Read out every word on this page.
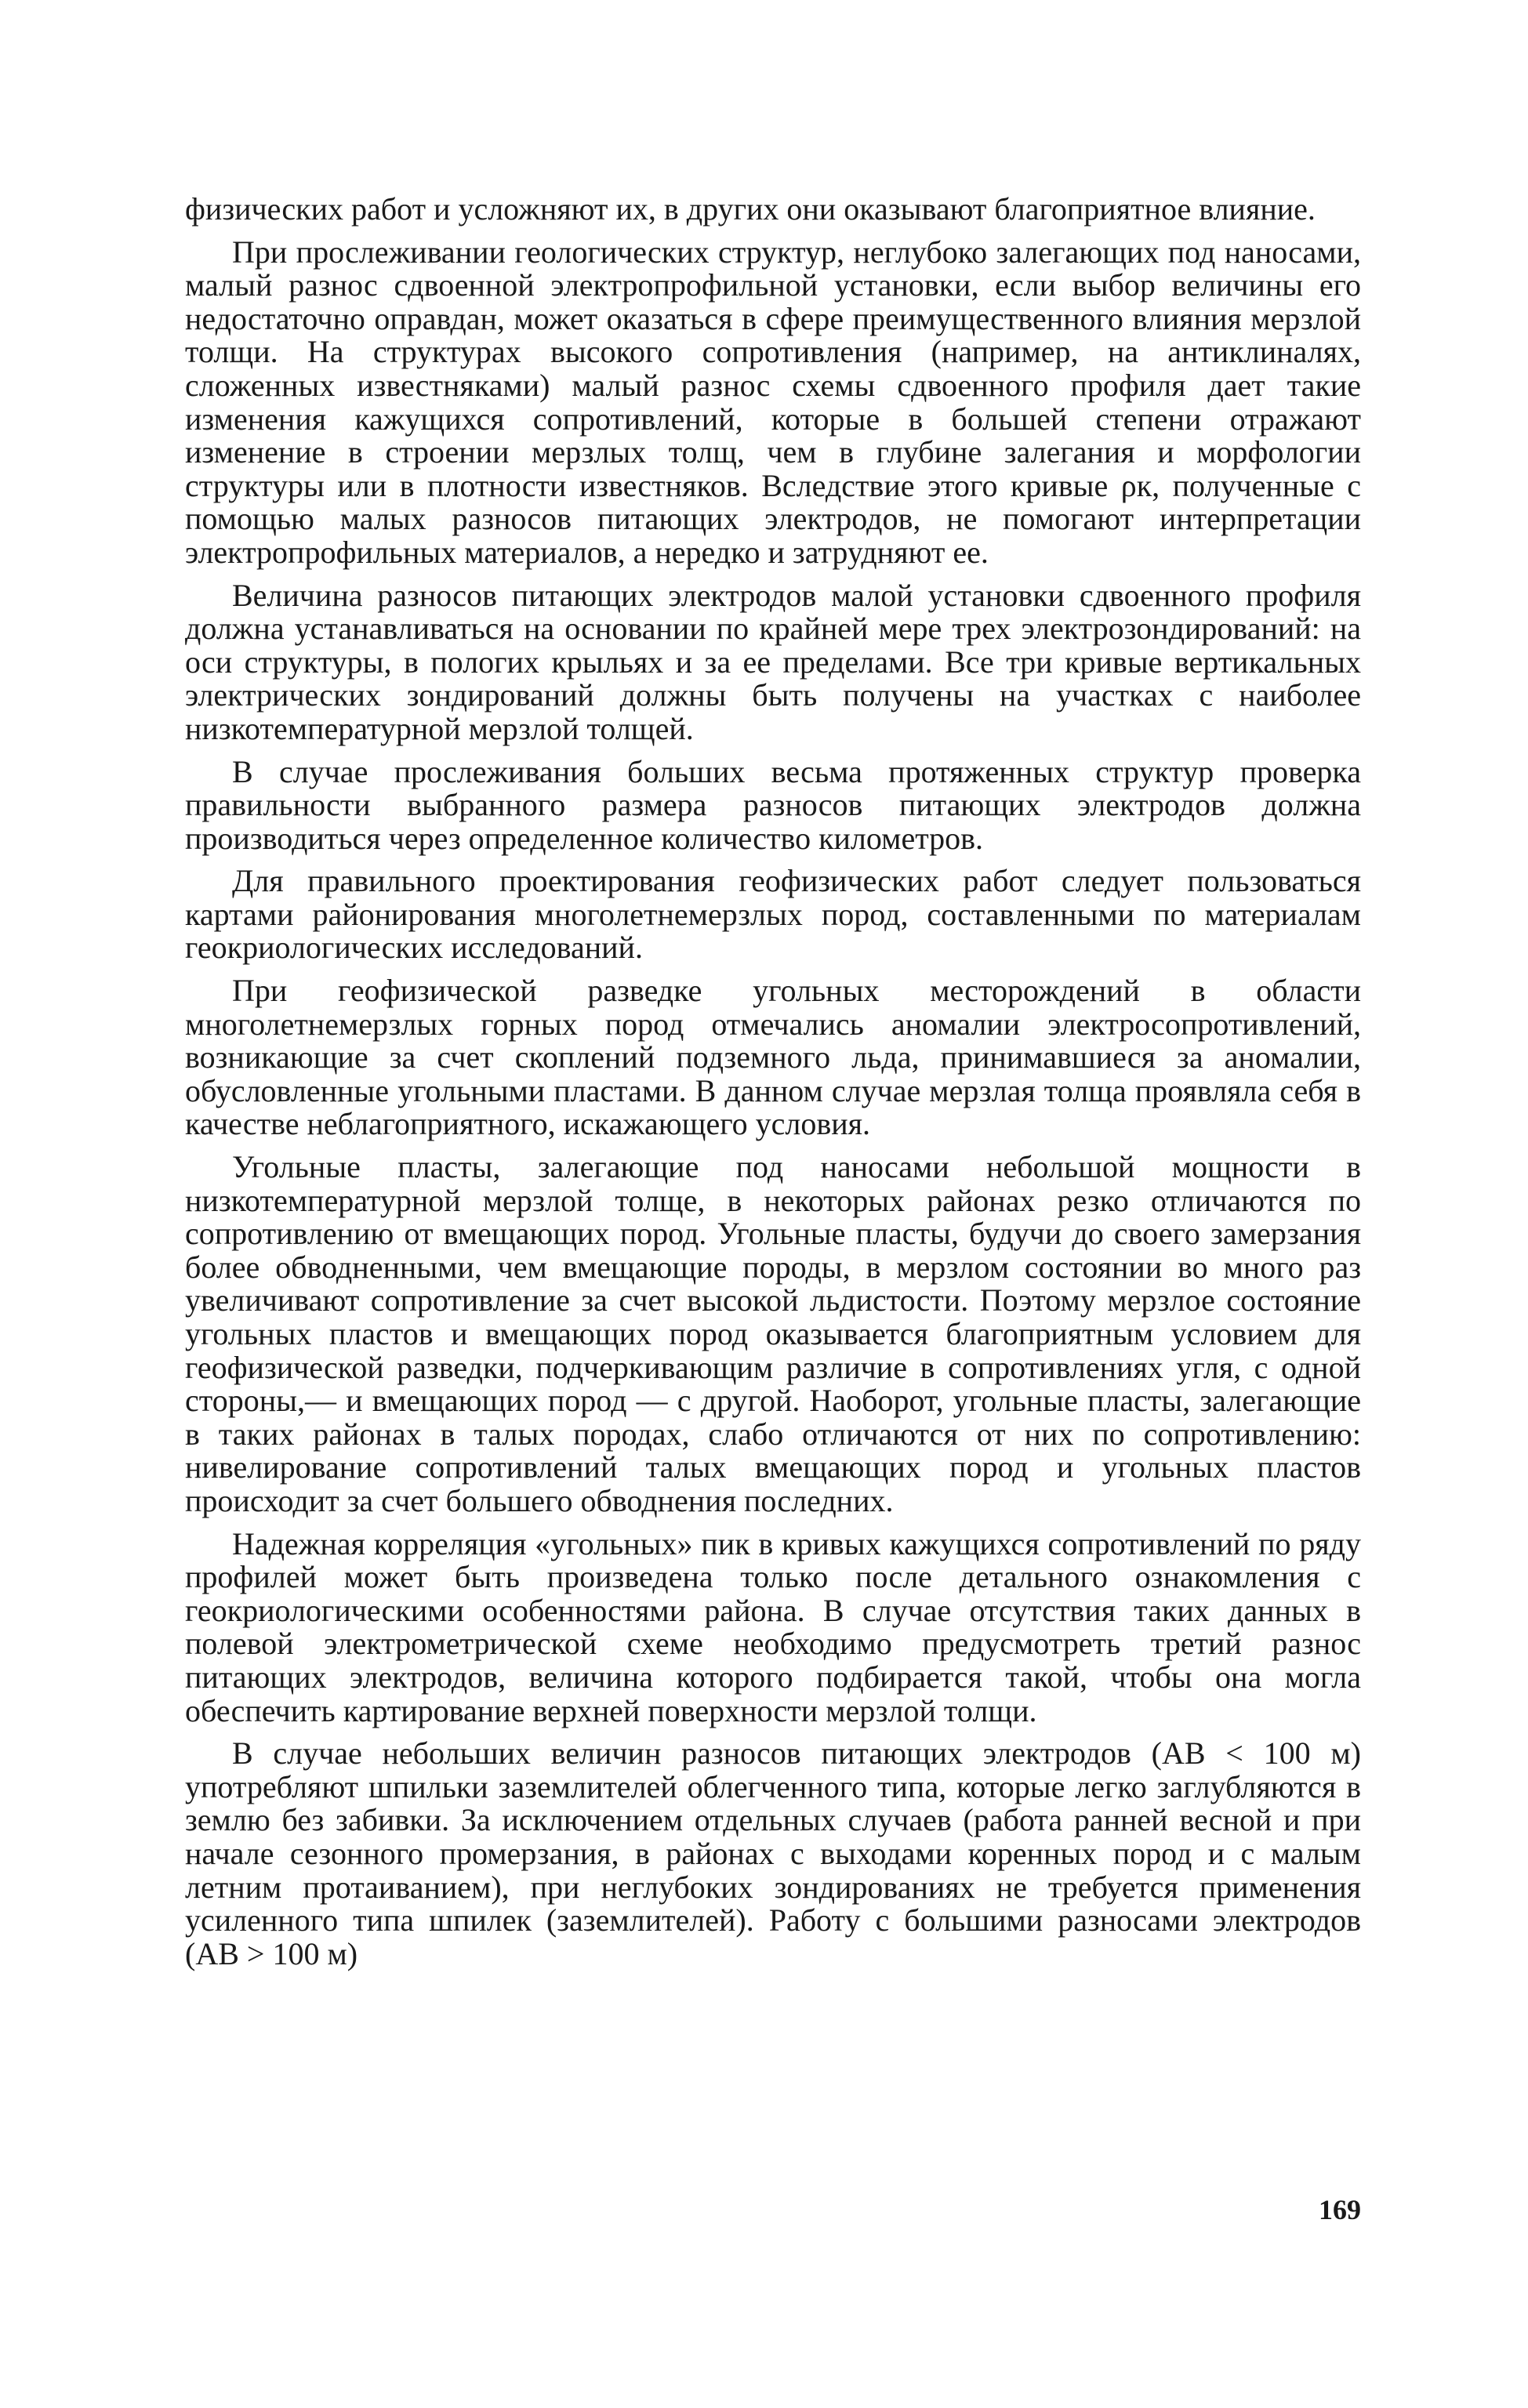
физических работ и усложняют их, в других они оказывают благоприятное влияние.

При прослеживании геологических структур, неглубоко залегающих под наносами, малый разнос сдвоенной электропрофильной установки, если выбор величины его недостаточно оправдан, может оказаться в сфере преимущественного влияния мерзлой толщи. На структурах высокого сопротивления (например, на антиклиналях, сложенных известняками) малый разнос схемы сдвоенного профиля дает такие изменения кажущихся сопротивлений, которые в большей степени отражают изменение в строении мерзлых толщ, чем в глубине залегания и морфологии структуры или в плотности известняков. Вследствие этого кривые ρк, полученные с помощью малых разносов питающих электродов, не помогают интерпретации электропрофильных материалов, а нередко и затрудняют ее.

Величина разносов питающих электродов малой установки сдвоенного профиля должна устанавливаться на основании по крайней мере трех электрозондирований: на оси структуры, в пологих крыльях и за ее пределами. Все три кривые вертикальных электрических зондирований должны быть получены на участках с наиболее низкотемпературной мерзлой толщей.

В случае прослеживания больших весьма протяженных структур проверка правильности выбранного размера разносов питающих электродов должна производиться через определенное количество километров.

Для правильного проектирования геофизических работ следует пользоваться картами районирования многолетнемерзлых пород, составленными по материалам геокриологических исследований.

При геофизической разведке угольных месторождений в области многолетнемерзлых горных пород отмечались аномалии электросопротивлений, возникающие за счет скоплений подземного льда, принимавшиеся за аномалии, обусловленные угольными пластами. В данном случае мерзлая толща проявляла себя в качестве неблагоприятного, искажающего условия.

Угольные пласты, залегающие под наносами небольшой мощности в низкотемпературной мерзлой толще, в некоторых районах резко отличаются по сопротивлению от вмещающих пород. Угольные пласты, будучи до своего замерзания более обводненными, чем вмещающие породы, в мерзлом состоянии во много раз увеличивают сопротивление за счет высокой льдистости. Поэтому мерзлое состояние угольных пластов и вмещающих пород оказывается благоприятным условием для геофизической разведки, подчеркивающим различие в сопротивлениях угля, с одной стороны,— и вмещающих пород — с другой. Наоборот, угольные пласты, залегающие в таких районах в талых породах, слабо отличаются от них по сопротивлению: нивелирование сопротивлений талых вмещающих пород и угольных пластов происходит за счет большего обводнения последних.

Надежная корреляция «угольных» пик в кривых кажущихся сопротивлений по ряду профилей может быть произведена только после детального ознакомления с геокриологическими особенностями района. В случае отсутствия таких данных в полевой электрометрической схеме необходимо предусмотреть третий разнос питающих электродов, величина которого подбирается такой, чтобы она могла обеспечить картирование верхней поверхности мерзлой толщи.

В случае небольших величин разносов питающих электродов (AB < 100 м) употребляют шпильки заземлителей облегченного типа, которые легко заглубляются в землю без забивки. За исключением отдельных случаев (работа ранней весной и при начале сезонного промерзания, в районах с выходами коренных пород и с малым летним протаиванием), при неглубоких зондированиях не требуется применения усиленного типа шпилек (заземлителей). Работу с большими разносами электродов (AB > 100 м)

169
